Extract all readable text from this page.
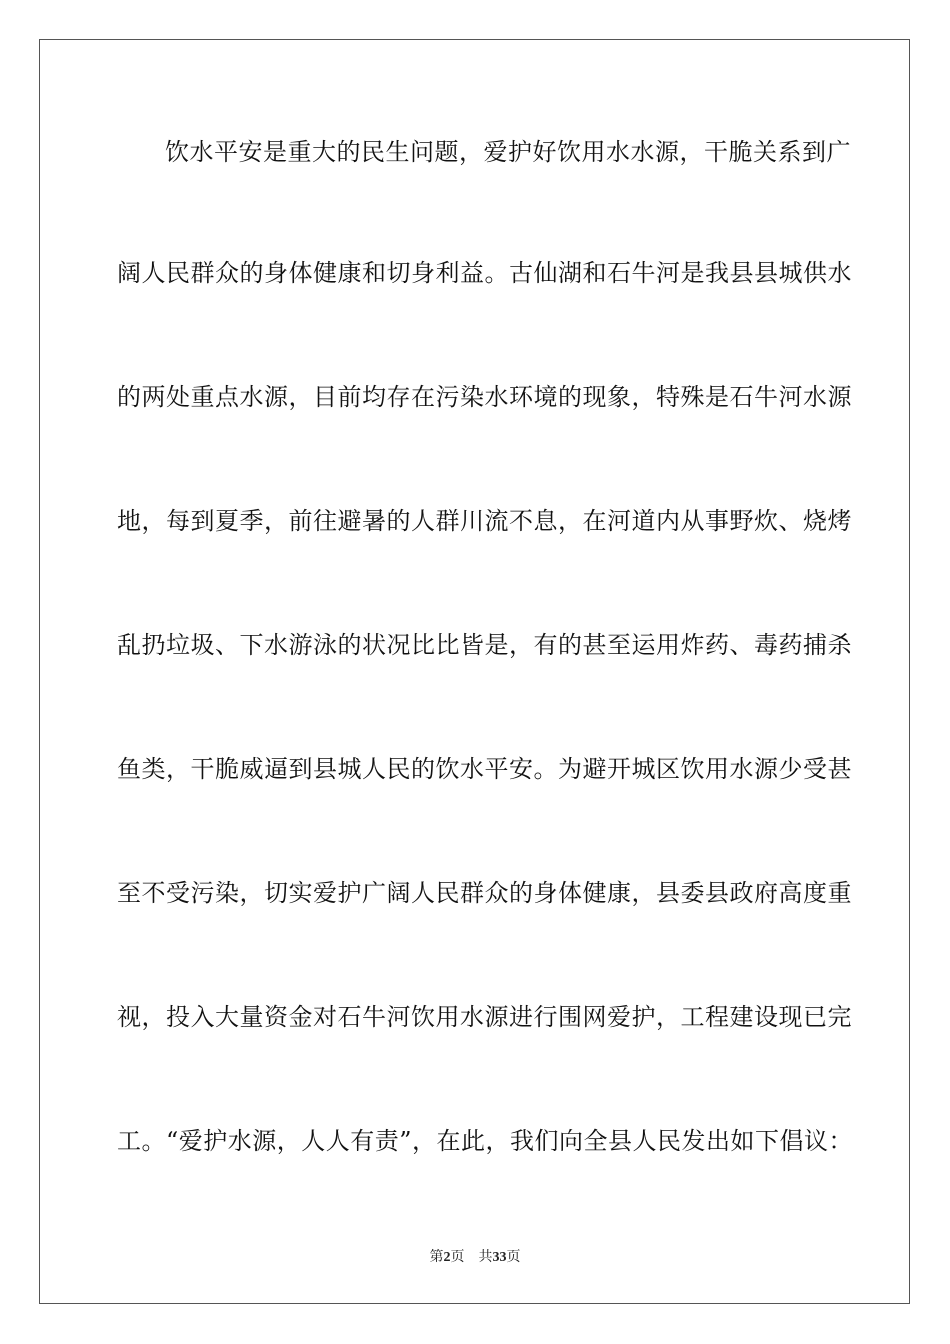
饮水平安是重大的民生问题，爱护好饮用水水源，干脆关系到广
阔人民群众的身体健康和切身利益。古仙湖和石牛河是我县县城供水
的两处重点水源，目前均存在污染水环境的现象，特殊是石牛河水源
地，每到夏季，前往避暑的人群川流不息，在河道内从事野炊、烧烤
乱扔垃圾、下水游泳的状况比比皆是，有的甚至运用炸药、毒药捕杀
鱼类，干脆威逼到县城人民的饮水平安。为避开城区饮用水源少受甚
至不受污染，切实爱护广阔人民群众的身体健康，县委县政府高度重
视，投入大量资金对石牛河饮用水源进行围网爱护，工程建设现已完
工。“爱护水源，人人有责”，在此，我们向全县人民发出如下倡议：
第2页 共33页
